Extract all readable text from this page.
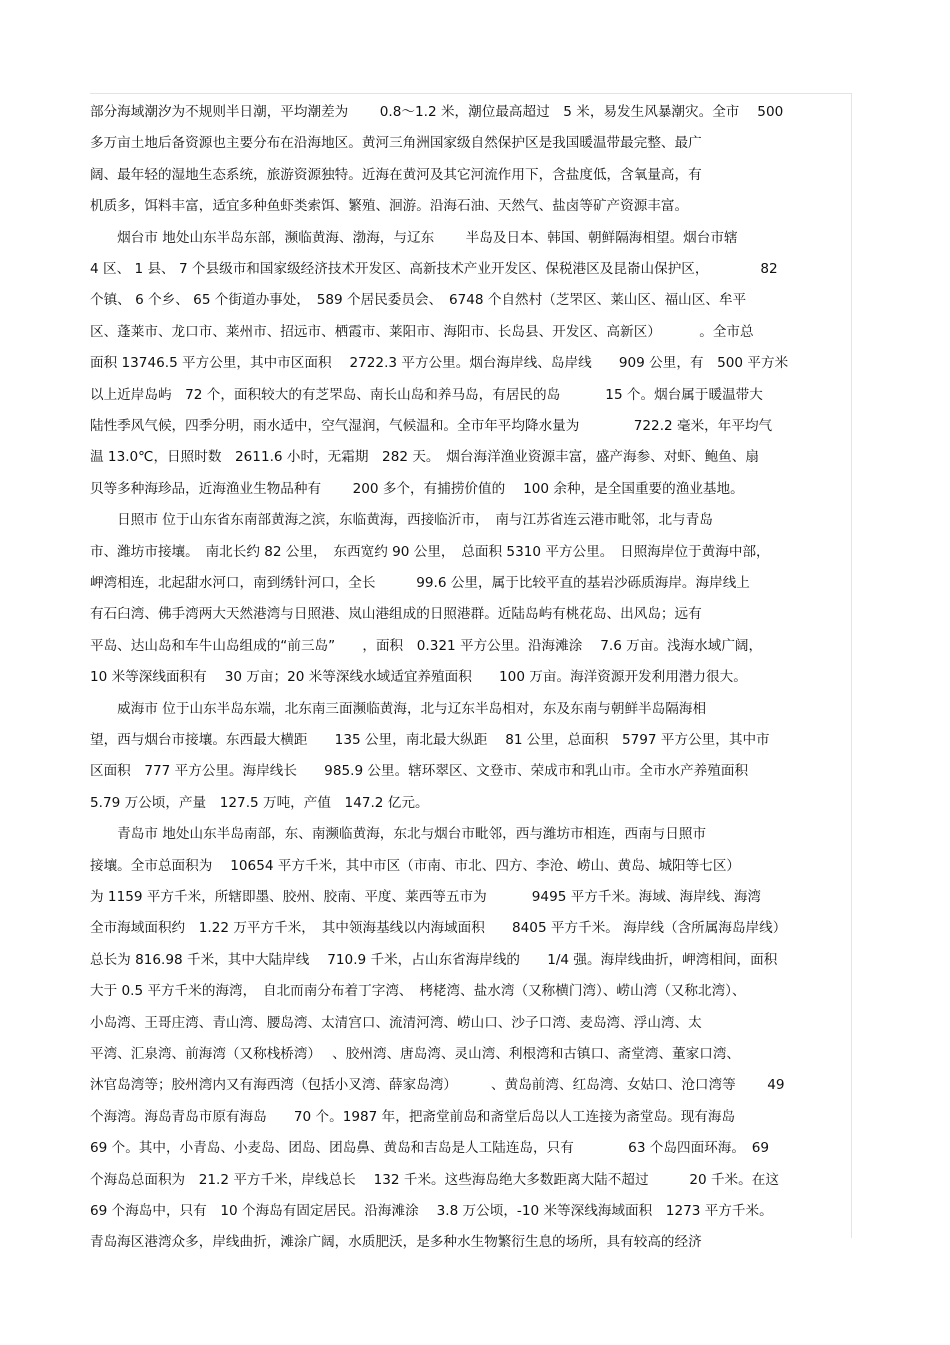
部分海域潮汐为不规则半日潮，平均潮差为　　 0.8～1.2 米，潮位最高超过　5 米，易发生风暴潮灾。全市　 500
多万亩土地后备资源也主要分布在沿海地区。黄河三角洲国家级自然保护区是我国暖温带最完整、最广
阔、最年轻的湿地生态系统，旅游资源独特。近海在黄河及其它河流作用下，含盐度低，含氧量高，有
机质多，饵料丰富，适宜多种鱼虾类索饵、繁殖、洄游。沿海石油、天然气、盐卤等矿产资源丰富。
　　烟台市 地处山东半岛东部，濒临黄海、渤海，与辽东　　 半岛及日本、韩国、朝鲜隔海相望。烟台市辖
4 区、 1 县、 7 个县级市和国家级经济技术开发区、高新技术产业开发区、保税港区及昆嵛山保护区，　　　　 82
个镇、 6 个乡、 65 个街道办事处，　589 个居民委员会、　6748 个自然村（芝罘区、莱山区、福山区、牟平
区、蓬莱市、龙口市、莱州市、招远市、栖霞市、莱阳市、海阳市、长岛县、开发区、高新区）　　　 。全市总
面积 13746.5 平方公里，其中市区面积　 2722.3 平方公里。烟台海岸线、岛岸线　　909 公里，有　500 平方米
以上近岸岛屿　72 个，面积较大的有芝罘岛、南长山岛和养马岛，有居民的岛　　　 15 个。烟台属于暖温带大
陆性季风气候，四季分明，雨水适中，空气湿润，气候温和。全市年平均降水量为　　　　722.2 毫米，年平均气
温 13.0℃，日照时数　2611.6 小时，无霜期　282 天。　烟台海洋渔业资源丰富，盛产海参、对虾、鲍鱼、扇
贝等多种海珍品，近海渔业生物品种有　　 200 多个，有捕捞价值的　 100 余种，是全国重要的渔业基地。
　　日照市 位于山东省东南部黄海之滨，东临黄海，西接临沂市，　南与江苏省连云港市毗邻，北与青岛
市、潍坊市接壤。　南北长约 82 公里，　东西宽约 90 公里，　总面积 5310 平方公里。　日照海岸位于黄海中部，
岬湾相连，北起甜水河口，南到绣针河口，全长　　　99.6 公里，属于比较平直的基岩沙砾质海岸。海岸线上
有石臼湾、佛手湾两大天然港湾与日照港、岚山港组成的日照港群。近陆岛屿有桃花岛、出风岛；远有
平岛、达山岛和车牛山岛组成的“前三岛”　　，面积　0.321 平方公里。沿海滩涂　 7.6 万亩。浅海水域广阔，
10 米等深线面积有　 30 万亩；20 米等深线水域适宜养殖面积　　100 万亩。海洋资源开发利用潜力很大。
　　威海市 位于山东半岛东端，北东南三面濒临黄海，北与辽东半岛相对，东及东南与朝鲜半岛隔海相
望，西与烟台市接壤。东西最大横距　　135 公里，南北最大纵距　 81 公里，总面积　5797 平方公里，其中市
区面积　777 平方公里。海岸线长　　985.9 公里。辖环翠区、文登市、荣成市和乳山市。全市水产养殖面积
5.79 万公顷，产量　127.5 万吨，产值　147.2 亿元。
　　青岛市 地处山东半岛南部，东、南濒临黄海，东北与烟台市毗邻，西与潍坊市相连，西南与日照市
接壤。全市总面积为　 10654 平方千米，其中市区（市南、市北、四方、李沧、崂山、黄岛、城阳等七区）
为 1159 平方千米，所辖即墨、胶州、胶南、平度、莱西等五市为　　　 9495 平方千米。海域、海岸线、海湾
全市海域面积约　1.22 万平方千米，　其中领海基线以内海域面积　　8405 平方千米。 海岸线（含所属海岛岸线）
总长为 816.98 千米，其中大陆岸线　 710.9 千米，占山东省海岸线的　　1/4 强。海岸线曲折，岬湾相间，面积
大于 0.5 平方千米的海湾，　自北而南分布着丁字湾、　栲栳湾、盐水湾（又称横门湾）、崂山湾（又称北湾）、
小岛湾、王哥庄湾、青山湾、腰岛湾、太清宫口、流清河湾、崂山口、沙子口湾、麦岛湾、浮山湾、太
平湾、汇泉湾、前海湾（又称栈桥湾）　 、胶州湾、唐岛湾、灵山湾、利根湾和古镇口、斋堂湾、董家口湾、
沐官岛湾等；胶州湾内又有海西湾（包括小叉湾、薛家岛湾）　　　、黄岛前湾、红岛湾、女姑口、沧口湾等　　 49
个海湾。海岛青岛市原有海岛　　70 个。1987 年，把斋堂前岛和斋堂后岛以人工连接为斋堂岛。现有海岛
69 个。其中，小青岛、小麦岛、团岛、团岛鼻、黄岛和吉岛是人工陆连岛，只有　　　　63 个岛四面环海。　69
个海岛总面积为　21.2 平方千米，岸线总长　 132 千米。这些海岛绝大多数距离大陆不超过　　　20 千米。在这
69 个海岛中，只有　10 个海岛有固定居民。沿海滩涂　 3.8 万公顷，-10 米等深线海域面积　1273 平方千米。
青岛海区港湾众多，岸线曲折，滩涂广阔，水质肥沃，是多种水生物繁衍生息的场所，具有较高的经济
